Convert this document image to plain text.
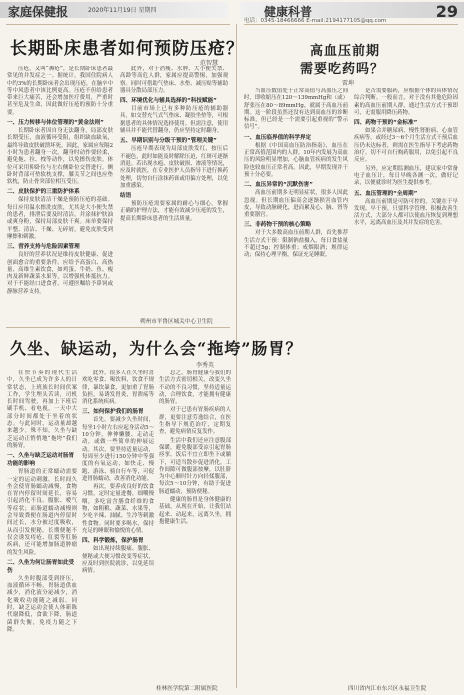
家庭保健报	2020年11月19日 星期四	健康科普	29
电话：0345-18466666 E-mail:2194177105@qq.com
长期卧床患者如何预防压疮？
范智慧

压疮，又叫“褥疮”，是长期卧床患者最常见的并发症之一。据统计，我国住院病人中约3%的长期卧床者会出现压疮，在脑卒中等中风患者中该比例更高。压疮不但给患者带来巨大痛苦，还会增加医疗费用，严重时甚至危及生命，因此做好压疮的预防十分重要。

一、压力转移与体位管理的“黄金法则”

长期卧床者因自身无法翻身，局部皮肤长期受压，血液循环受阻，组织缺血缺氧，最终导致皮肤破溃坏死。因此，家属应每隔2小时为患者翻身一次，翻身时动作要轻柔，避免拖、拉、拽等动作，以免擦伤皮肤。体位可采用仰卧位与左右侧卧位交替进行，侧卧时背部可垫软枕支撑，膝关节之间也应垫软枕，防止骨突部位相互受压。

二、皮肤保护的三重防护体系

保持皮肤清洁干燥是预防压疮的基础。每日应用温水擦洗皮肤，尤其是大小便失禁的患者，排泄后要及时清洁，并涂抹护肤油或爽身粉，保持局部皮肤干爽。床单要保持平整、清洁、干燥、无碎屑，避免皮肤受到摩擦和刺激。

三、营养支持与危险因素管理

良好的营养状况是维持皮肤健康、促进创面愈合的重要条件。应给予高蛋白、高热量、高维生素饮食，如鸡蛋、牛奶、鱼、瘦肉及新鲜蔬菜水果等，以增强机体抵抗力。对于不能经口进食者，可遵医嘱给予鼻饲或静脉营养支持。

此外，对于消瘦、水肿、大小便失禁、高龄等高危人群，家属应提高警惕，加强观察。同时可借助气垫床、水垫、减压贴等辅助器具分散局部压力。

四、环境优化与辅具选择的“科技赋能”

目前市场上已有多种防压疮的辅助器具，如交替充气式气垫床、凝胶坐垫等，可根据患者的具体情况选择使用。但需注意，使用辅具并不能代替翻身，仍应坚持定时翻身。

五、早期识别与分级干预的“管理关键”

压疮早期表现为局部皮肤发红，按压后不褪色，此时如能及时解除压迫，红斑可逐渐消退。若出现水疱、皮肤破损、渗液等情况，应及时就医，在专业医护人员指导下进行换药处理，切勿自行涂抹药膏或用偏方处理，以免加重感染。

结语

预防压疮需要家属的耐心与细心，掌握正确的护理方法，才能有效减少压疮的发生，提高长期卧床患者的生活质量。

朔州市平鲁区城关中心卫生院
久坐、缺运动，为什么会“拖垮”肠胃？
李秀英

在快节奏的现代生活中，久坐已成为许多人的日常状态，上班族长时间伏案工作，学生埋头苦读，司机长时间驾驶，再加上下班后刷手机、看电视，一天中大部分时间都处于坐着的状态。与此同时，运动量却越来越少。殊不知，久坐与缺乏运动正悄悄地“拖垮”我们的肠胃。

一、久坐与缺乏运动对肠胃功能的影响

胃肠道的正常蠕动需要一定的运动刺激。长时间久坐会使胃肠蠕动减慢，食物在胃内停留时间延长，容易引起消化不良、腹胀、嗳气等症状；而肠道蠕动减慢则会导致粪便在肠道内停留时间过长，水分被过度吸收，从而引发便秘。长期便秘不仅会诱发痔疮、肛裂等肛肠疾病，还可能增加肠道肿瘤的发生风险。

二、久坐为何让肠胃如此受伤

久坐时腹部受到挤压，血液循环不畅，胃肠道供血减少，消化液分泌减少，消化吸收功能随之减弱。同时，缺乏运动会使人体新陈代谢降低，食欲下降，肠道菌群失衡，免疫力随之下降。

此外，很多人在久坐时喜欢吃零食、喝饮料，饮食不规律，暴饮暴食，更加重了胃肠负担，易诱发胃炎、胃溃疡等消化系统疾病。

三、如何保护我们的肠胃

首先，要减少久坐时间，每坐1小时左右应起身活动5～10分钟，伸伸懒腰、走动走动，或做一些简单的伸展运动。其次，要坚持适量运动，每周至少进行150分钟中等强度的有氧运动，如快走、慢跑、游泳、骑自行车等，可促进胃肠蠕动，改善消化功能。

再次，要养成良好的饮食习惯，定时定量进餐，细嚼慢咽，多吃富含膳食纤维的食物，如粗粮、蔬菜、水果等，少吃辛辣、油腻、生冷等刺激性食物。同时要多喝水，保持充足的睡眠和愉悦的心情。

四、科学锻炼，保护肠胃

如出现持续腹痛、腹胀、便秘或大便习惯改变等症状，应及时到医院就诊，以免延误病情。

总之，肠胃健康与我们的生活方式密切相关，改变久坐不动的不良习惯，坚持适量运动，合理饮食，才能拥有健康的肠胃。

对于已患有胃肠疾病的人群，更要注意劳逸结合，在医生指导下规范治疗，定期复查，避免病情反复发作。

生活中我们还应注意腹部保暖，避免腹部受凉引起胃肠痉挛。饭后不宜立即坐下或躺下，可适当散步促进消化。工作间隙可做腹部按摩，以肚脐为中心顺时针方向轻揉腹部，每次5～10分钟，有助于促进肠道蠕动，预防便秘。

健康的肠胃是身体健康的基础，从现在开始，让我们站起来、动起来，远离久坐，拥抱健康生活。

桂林医学院第二附属医院
高血压前期
需要吃药吗？
雷坤

当血压数值处于正常高值与高血压之间时，即收缩压在120～139mmHg和（或）舒张压在80～89mmHg，就属于高血压前期。这一阶段虽然还没有达到高血压的诊断标准，但已经是一个需要引起重视的“警示信号”。

一、血压临界值的科学界定

根据《中国高血压防治指南》，血压在正常高值范围内的人群，10年内发展为高血压的风险明显增加，心脑血管疾病的发生风险也较血压正常者高。因此，早期发现并干预十分必要。

二、血压异常的“沉默伤害”

高血压前期多无明显症状，很多人因此忽视。但长期血压偏高会逐渐损害血管内皮，导致动脉硬化，进而累及心、脑、肾等重要器官。

三、非药物干预的核心策略

对于大多数高血压前期人群，首先推荐生活方式干预：限制钠盐摄入，每日食盐量不超过5g；控制体重；戒烟限酒；规律运动；保持心理平衡，保证充足睡眠。

是否需要服药，应根据个体的具体情况综合判断。一般而言，对于没有其他危险因素的高血压前期人群，通过生活方式干预即可，无需服用降压药物。

四、药物干预的“金标准”

如果合并糖尿病、慢性肾脏病、心血管疾病等，或经过3～6个月生活方式干预后血压仍未达标者，则需在医生指导下考虑药物治疗。切不可自行购药服用，以免引起不良反应。

另外，应定期监测血压，建议家中常备电子血压计，每日早晚各测一次，做好记录，以便就诊时为医生提供参考。

五、血压管理的“全周期”

高血压前期是可防可控的，关键在于早发现、早干预。只要科学管理、积极改善生活方式，大部分人都可以使血压恢复到理想水平，远离高血压及其并发症的危害。

四川省内江市东兴区永福卫生院
